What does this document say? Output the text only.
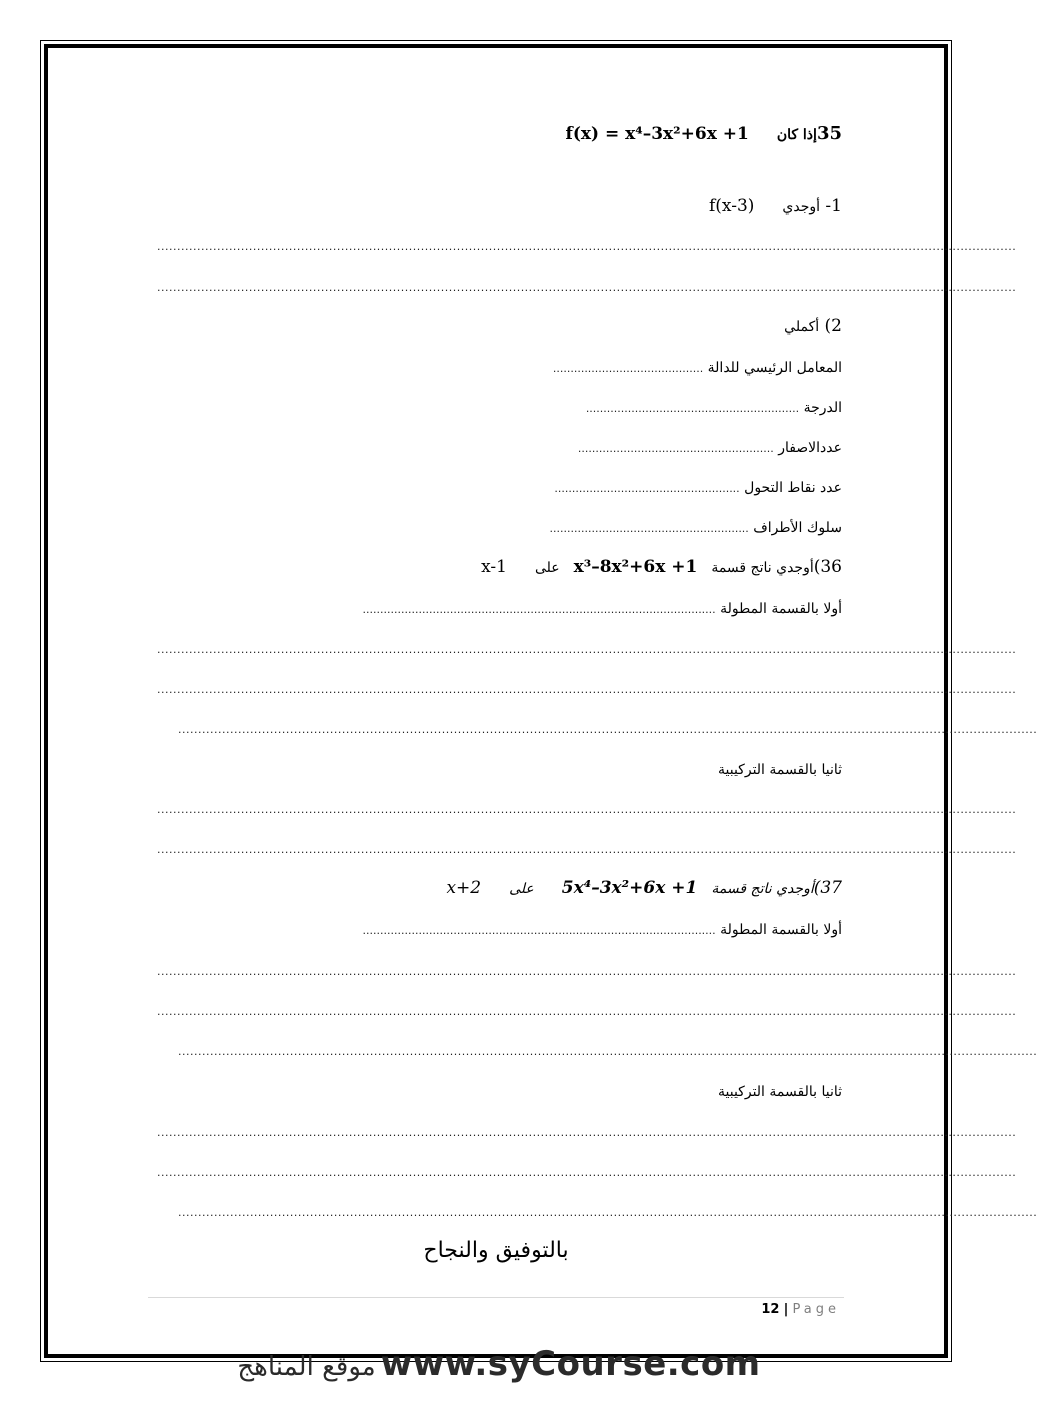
35إذا كانf(x) = x⁴–3x²+6x +1
1- أوجديf(x-3)
.......................................................................................................................................................................................................................
.......................................................................................................................................................................................................................
2) أكملي
المعامل الرئيسي للدالة ...........................................
الدرجة .............................................................
عددالاصفار ........................................................
عدد نقاط التحول .....................................................
سلوك الأطراف .........................................................
36)أوجدي ناتج قسمةx³–8x²+6x +1علىx-1
أولا بالقسمة المطولة .....................................................................................................
.......................................................................................................................................................................................................................
.......................................................................................................................................................................................................................
.......................................................................................................................................................................................................................
ثانيا بالقسمة التركيبية
.......................................................................................................................................................................................................................
.......................................................................................................................................................................................................................
37)أوجدي ناتج قسمة5x⁴–3x²+6x +1علىx+2
أولا بالقسمة المطولة .....................................................................................................
.......................................................................................................................................................................................................................
.......................................................................................................................................................................................................................
.......................................................................................................................................................................................................................
ثانيا بالقسمة التركيبية
.......................................................................................................................................................................................................................
.......................................................................................................................................................................................................................
.......................................................................................................................................................................................................................
بالتوفيق والنجاح
12 | Page
موقع المناهج www.syCourse.com
